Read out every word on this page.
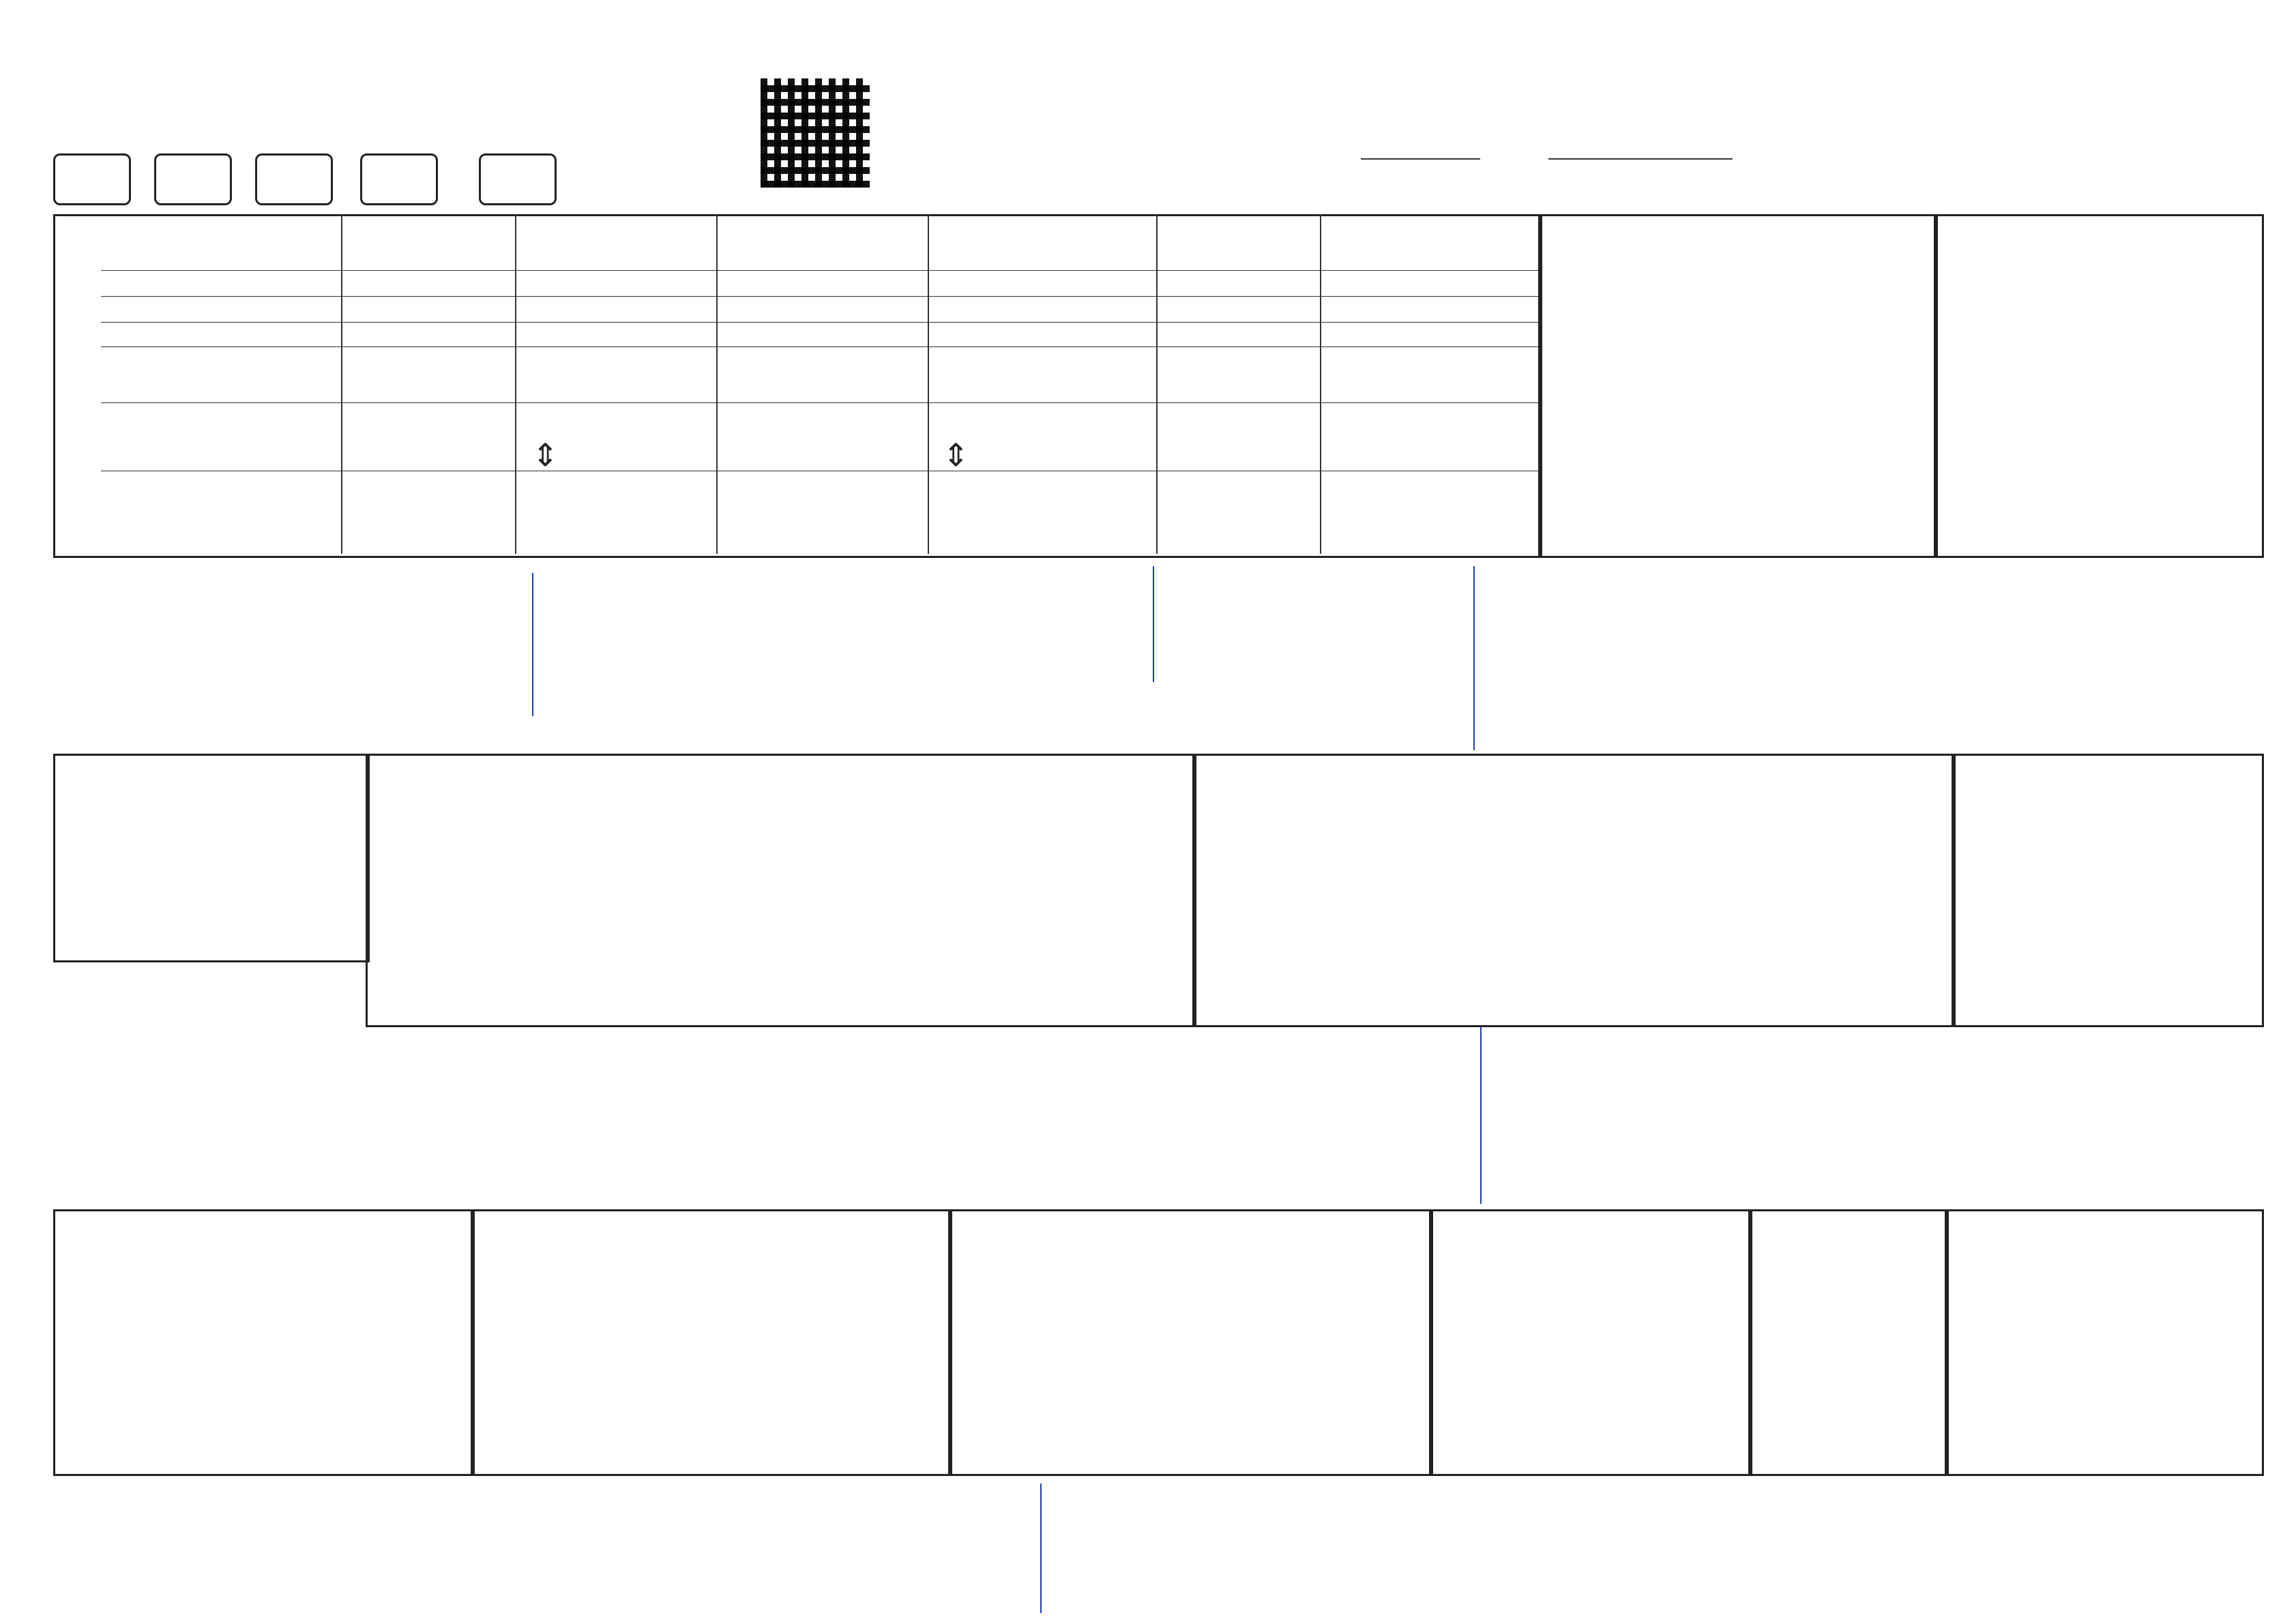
⇕	⇕
